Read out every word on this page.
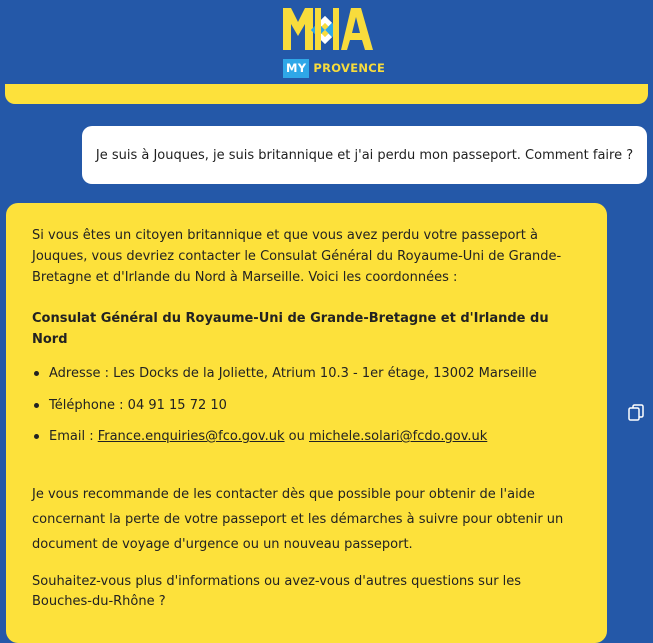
MY PROVENCE
Je suis à Jouques, je suis britannique et j'ai perdu mon passeport. Comment faire ?

Si vous êtes un citoyen britannique et que vous avez perdu votre passeport à Jouques, vous devriez contacter le Consulat Général du Royaume-Uni de Grande-Bretagne et d'Irlande du Nord à Marseille. Voici les coordonnées :

Consulat Général du Royaume-Uni de Grande-Bretagne et d'Irlande du Nord

Adresse : Les Docks de la Joliette, Atrium 10.3 - 1er étage, 13002 Marseille
Téléphone : 04 91 15 72 10
Email : France.enquiries@fco.gov.uk ou michele.solari@fcdo.gov.uk

Je vous recommande de les contacter dès que possible pour obtenir de l'aide concernant la perte de votre passeport et les démarches à suivre pour obtenir un document de voyage d'urgence ou un nouveau passeport.

Souhaitez-vous plus d'informations ou avez-vous d'autres questions sur les Bouches-du-Rhône ?
